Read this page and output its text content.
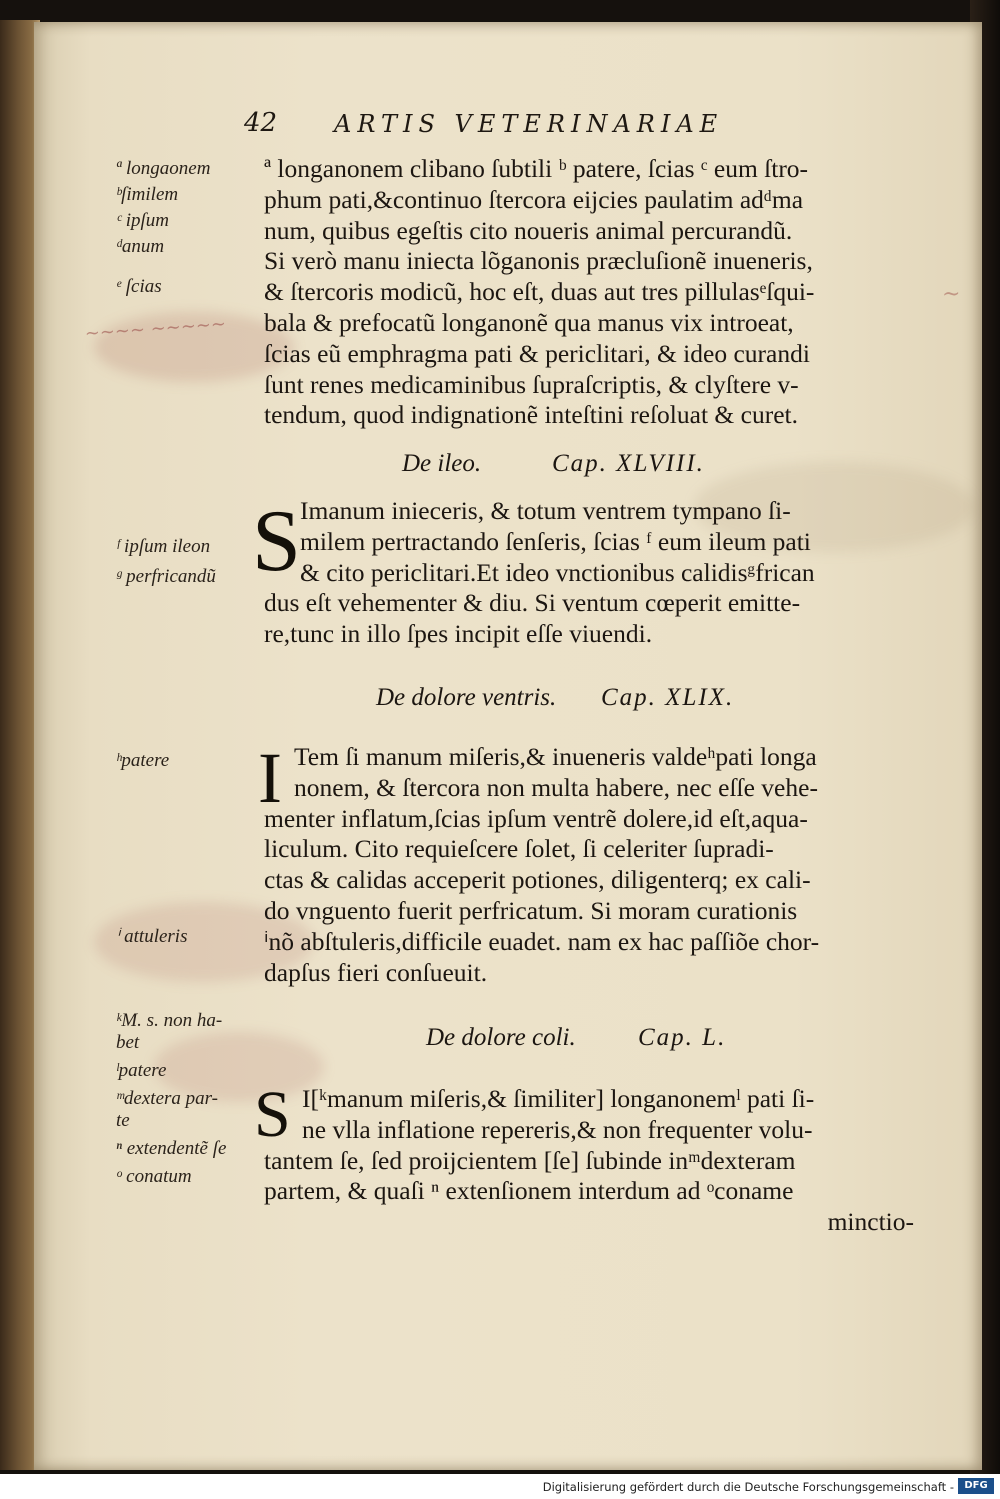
42 ARTIS VETERINARIAE
ª longanonem clibano ſubtili ᵇ patere, ſcias ᶜ eum ſtro-
phum pati,&continuo ſtercora eijcies paulatim adᵈma
num, quibus egeſtis cito noueris animal percurandũ.
Si verò manu iniecta lõganonis præcluſionẽ inueneris,
& ſtercoris modicũ, hoc eſt, duas aut tres pillulasᵉſqui-
bala & prefocatũ longanonẽ qua manus vix introeat,
ſcias eũ emphragma pati & periclitari, & ideo curandi
ſunt renes medicaminibus ſupraſcriptis, & clyſtere v-
tendum, quod indignationẽ inteſtini reſoluat & curet.
De ileo.	Cap. XLVIII.
S Imanum inieceris, & totum ventrem tympano ſi-
milem pertractando ſenſeris, ſcias ᶠ eum ileum pati
& cito periclitari.Et ideo vnctionibus calidisᵍfrican
dus eſt vehementer & diu. Si ventum cœperit emitte-
re,tunc in illo ſpes incipit eſſe viuendi.
De dolore ventris. Cap. XLIX.
I Tem ſi manum miſeris,& inueneris valdeʰpati longa
nonem, & ſtercora non multa habere, nec eſſe vehe-
menter inflatum,ſcias ipſum ventrẽ dolere,id eſt,aqua-
liculum. Cito requieſcere ſolet, ſi celeriter ſupradi-
ctas & calidas acceperit potiones, diligenterq; ex cali-
do vnguento fuerit perfricatum. Si moram curationis
ⁱnõ abſtuleris,difficile euadet. nam ex hac paſſiõe chor-
dapſus fieri conſueuit.
De dolore coli. Cap. L.
S I[ᵏmanum miſeris,& ſimiliter] longanonemˡ pati ſi-
ne vlla inflatione repereris,& non frequenter volu-
tantem ſe, ſed proijcientem [ſe] ſubinde inᵐdexteram
partem, & quaſi ⁿ extenſionem interdum ad ᵒconame
minctio-
ª longaonem
ᵇſimilem
ᶜ ipſum
ᵈanum
ᵉ ſcias
~~~~ ~~~~~
~
ᶠ ipſum ileon
ᵍ perfricandũ
ʰpatere
ⁱ attuleris
ᵏM. s. non ha-
bet
ˡpatere
ᵐdextera par-
te
ⁿ extendentẽ ſe
ᵒ conatum
Digitalisierung gefördert durch die Deutsche Forschungsgemeinschaft -	DFG
